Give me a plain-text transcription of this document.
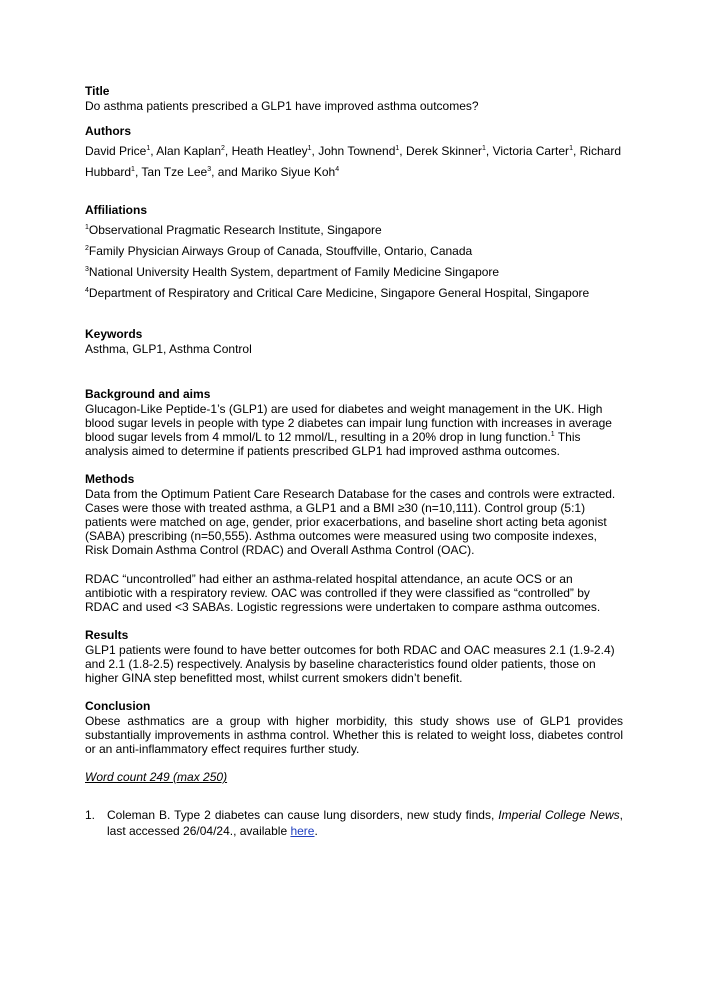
Title

Do asthma patients prescribed a GLP1 have improved asthma outcomes?

Authors

David Price$^1$, Alan Kaplan$^2$, Heath Heatley$^1$, John Townend$^1$, Derek Skinner$^1$, Victoria Carter$^1$, Richard Hubbard$^1$, Tan Tze Lee$^3$, and Mariko Siyue Koh$^4$

Affiliations

$^1$Observational Pragmatic Research Institute, Singapore

$^2$Family Physician Airways Group of Canada, Stouffville, Ontario, Canada

$^3$National University Health System, department of Family Medicine Singapore

$^4$Department of Respiratory and Critical Care Medicine, Singapore General Hospital, Singapore

Keywords

Asthma, GLP1, Asthma Control

Background and aims

Glucagon-Like Peptide-1’s (GLP1) are used for diabetes and weight management in the UK. High blood sugar levels in people with type 2 diabetes can impair lung function with increases in average blood sugar levels from 4 mmol/L to 12 mmol/L, resulting in a 20% drop in lung function.$^1$ This analysis aimed to determine if patients prescribed GLP1 had improved asthma outcomes.

Methods

Data from the Optimum Patient Care Research Database for the cases and controls were extracted. Cases were those with treated asthma, a GLP1 and a BMI ≥30 (n=10,111). Control group (5:1) patients were matched on age, gender, prior exacerbations, and baseline short acting beta agonist (SABA) prescribing (n=50,555). Asthma outcomes were measured using two composite indexes, Risk Domain Asthma Control (RDAC) and Overall Asthma Control (OAC).

RDAC “uncontrolled” had either an asthma-related hospital attendance, an acute OCS or an antibiotic with a respiratory review. OAC was controlled if they were classified as “controlled” by RDAC and used <3 SABAs. Logistic regressions were undertaken to compare asthma outcomes.

Results

GLP1 patients were found to have better outcomes for both RDAC and OAC measures 2.1 (1.9-2.4) and 2.1 (1.8-2.5) respectively. Analysis by baseline characteristics found older patients, those on higher GINA step benefitted most, whilst current smokers didn’t benefit.

Conclusion

Obese asthmatics are a group with higher morbidity, this study shows use of GLP1 provides substantially improvements in asthma control. Whether this is related to weight loss, diabetes control or an anti-inflammatory effect requires further study.

Word count 249 (max 250)

1. Coleman B. Type 2 diabetes can cause lung disorders, new study finds, Imperial College News, last accessed 26/04/24., available here.
